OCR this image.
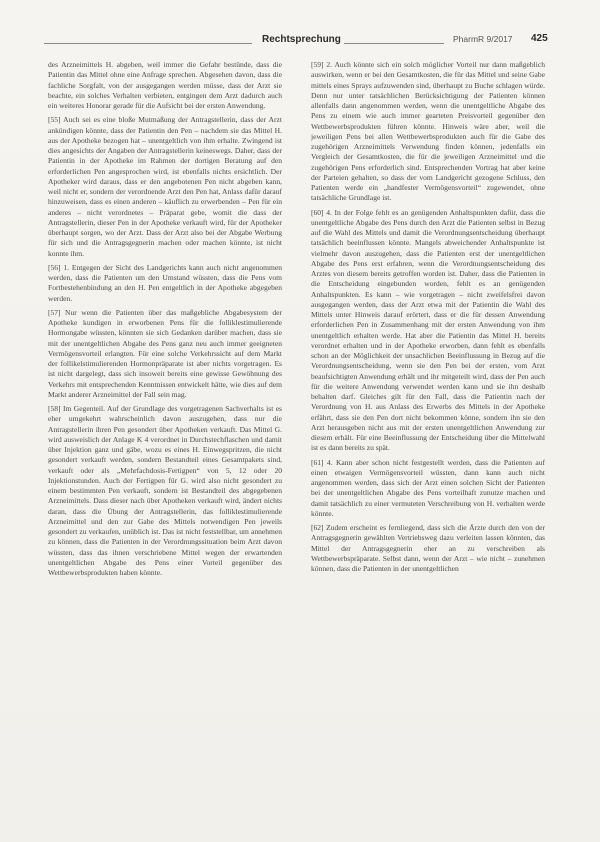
Rechtsprechung	PharmR 9/2017 425

des Arzneimittels H. abgeben, weil immer die Gefahr bestünde, dass die Patientin das Mittel ohne eine Anfrage sprechen. Abgesehen davon, dass die fachliche Sorgfalt, von der ausgegangen werden müsse, dass der Arzt sie beachte, ein solches Verhalten verbieten, entgingen dem Arzt dadurch auch ein weiteres Honorar gerade für die Aufsicht bei der ersten Anwendung.

[55] Auch sei es eine bloße Mutmaßung der Antragstellerin, dass der Arzt ankündigen könnte, dass der Patientin den Pen – nachdem sie das Mittel H. aus der Apotheke bezogen hat – unentgeltlich von ihm erhalte. Zwingend ist dies angesichts der Angaben der Antragstellerin keineswegs. Daher, dass der Patientin in der Apotheke im Rahmen der dortigen Beratung auf den erforderlichen Pen angesprochen wird, ist ebenfalls nichts ersichtlich. Der Apotheker wird daraus, dass er den angebotenen Pen nicht abgeben kann, weil nicht er, sondern der verordnende Arzt den Pen hat, Anlass dafür darauf hinzuweisen, dass es einen anderen – käuflich zu erwerbenden – Pen für ein anderes – nicht verordnetes – Präparat gebe, womit die dass der Antragstellerin, dieser Pen in der Apotheke verkauft wird, für der Apotheker überhaupt sorgen, wo der Arzt. Dass der Arzt also bei der Abgabe Werbung für sich und die Antragsgegnerin machen oder machen könnte, ist nicht konnte ihm.

[56] 1. Entgegen der Sicht des Landgerichts kann auch nicht angenommen werden, dass die Patienten um den Umstand wüssten, dass die Pens vom Fortbestehenbindung an den H. Pen entgeltlich in der Apotheke abgegeben werden.

[57] Nur wenn die Patienten über das maßgebliche Abgabesystem der Apotheke kundigen in erworbenen Pens für die folliklestimulierende Hormongabe wüssten, könnten sie sich Gedanken darüber machen, dass sie mit der unentgeltlichen Abgabe des Pens ganz neu auch immer geeigneten Vermögensvorteil erlangten. Für eine solche Verkehrssicht auf dem Markt der follikelstimulierenden Hormonpräparate ist aber nichts vorgetragen. Es ist nicht dargelegt, dass sich insoweit bereits eine gewisse Gewöhnung des Verkehrs mit entsprechenden Kenntnissen entwickelt hätte, wie dies auf dem Markt anderer Arzneimittel der Fall sein mag.

[58] Im Gegenteil. Auf der Grundlage des vorgetragenen Sachverhalts ist es eher umgekehrt wahrscheinlich davon auszugehen, dass nur die Antragstellerin ihren Pen gesondert über Apotheken verkauft. Das Mittel G. wird ausweislich der Anlage K 4 verordnet in Durchstechflaschen und damit über Injektion ganz und gäbe, wozu es eines H. Einwegspritzen, die nicht gesondert verkauft werden, sondern Bestandteil eines Gesamtpakets sind, verkauft oder als „Mehrfachdosis-Fertigpen“ von 5, 12 oder 20 Injektionstunden. Auch der Fertigpen für G. wird also nicht gesondert zu einem bestimmten Pen verkauft, sondern ist Bestandteil des abgegebenen Arzneimittels. Dass dieser nach über Apotheken verkauft wird, ändert nichts daran, dass die Übung der Antragstellerin, das folliklestimulierende Arzneimittel und den zur Gabe des Mittels notwendigen Pen jeweils gesondert zu verkaufen, unüblich ist. Das ist nicht feststellbar, um annehmen zu können, dass die Patienten in der Verordnungssituation beim Arzt davon wüssten, dass das ihnen verschriebene Mittel wegen der erwartenden unentgeltlichen Abgabe des Pens einer Vorteil gegenüber des Wettbewerbsprodukten haben könnte.

[59] 2. Auch könnte sich ein solch möglicher Vorteil nur dann maßgeblich auswirken, wenn er bei den Gesamtkosten, die für das Mittel und seine Gabe mittels eines Sprays aufzuwenden sind, überhaupt zu Buche schlagen würde. Denn nur unter tatsächlichen Berücksichtigung der Patienten können allenfalls dann angenommen werden, wenn die unentgeltliche Abgabe des Pens zu einem wie auch immer gearteten Preisvorteil gegenüber den Wettbewerbsprodukten führen könnte. Hinweis wäre aber, weil die jeweiligen Pens bei allen Wettbewerbsprodukten auch für die Gabe des zugehörigen Arzneimittels Verwendung finden können, jedenfalls ein Vergleich der Gesamtkosten, die für die jeweiligen Arzneimittel und die zugehörigen Pens erforderlich sind. Entsprechenden Vortrag hat aber keine der Parteien gehalten, so dass der vom Landgericht gezogene Schluss, den Patienten werde ein „handfester Vermögensvorteil“ zugewendet, ohne tatsächliche Grundlage ist.

[60] 4. In der Folge fehlt es an genügenden Anhaltspunkten dafür, dass die unentgeltliche Abgabe des Pens durch den Arzt die Patienten selbst in Bezug auf die Wahl des Mittels und damit die Verordnungsentscheidung überhaupt tatsächlich beeinflussen könnte. Mangels abweichender Anhaltspunkte ist vielmehr davon auszugehen, dass die Patienten erst der unentgeltlichen Abgabe des Pens erst erfahren, wenn die Verordnungsentscheidung des Arztes von diesem bereits getroffen worden ist. Daher, dass die Patienten in die Entscheidung eingebunden worden, fehlt es an genügenden Anhaltspunkten. Es kann – wie vorgetragen – nicht zweifelsfrei davon ausgegangen werden, dass der Arzt etwa mit der Patientin die Wahl des Mittels unter Hinweis darauf erörtert, dass er die für dessen Anwendung erforderlichen Pen in Zusammenhang mit der ersten Anwendung von ihm unentgeltlich erhalten werde. Hat aber die Patientin das Mittel H. bereits verordnet erhalten und in der Apotheke erworben, dann fehlt es ebenfalls schon an der Möglichkeit der unsachlichen Beeinflussung in Bezug auf die Verordnungsentscheidung, wenn sie den Pen bei der ersten, vom Arzt beaufsichtigten Anwendung erhält und ihr mitgeteilt wird, dass der Pen auch für die weitere Anwendung verwendet werden kann und sie ihn deshalb behalten darf. Gleiches gilt für den Fall, dass die Patientin nach der Verordnung von H. aus Anlass des Erwerbs des Mittels in der Apotheke erfährt, dass sie den Pen dort nicht bekommen könne, sondern ihn sie den Arzt herausgeben nicht aus mit der ersten unentgeltlichen Anwendung zur diesem erhält. Für eine Beeinflussung der Entscheidung über die Mittelwahl ist es dann bereits zu spät.

[61] 4. Kann aber schon nicht festgestellt werden, dass die Patienten auf einen etwaigen Vermögensvorteil wüssten, dann kann auch nicht angenommen werden, dass sich der Arzt einen solchen Sicht der Patienten bei der unentgeltlichen Abgabe des Pens vorteilhaft zunutze machen und damit tatsächlich zu einer vermuteten Verschreibung von H. verhalten werde könnte.

[62] Zudem erscheint es fernliegend, dass sich die Ärzte durch den von der Antragsgegnerin gewählten Vertriebsweg dazu verleiten lassen könnten, das Mittel der Antragsgegnerin eher an zu verschreiben als Wettbewerbspräparate. Selbst dann, wenn der Arzt – wie nicht – zunehmen können, dass die Patienten in der unentgeltlichen
